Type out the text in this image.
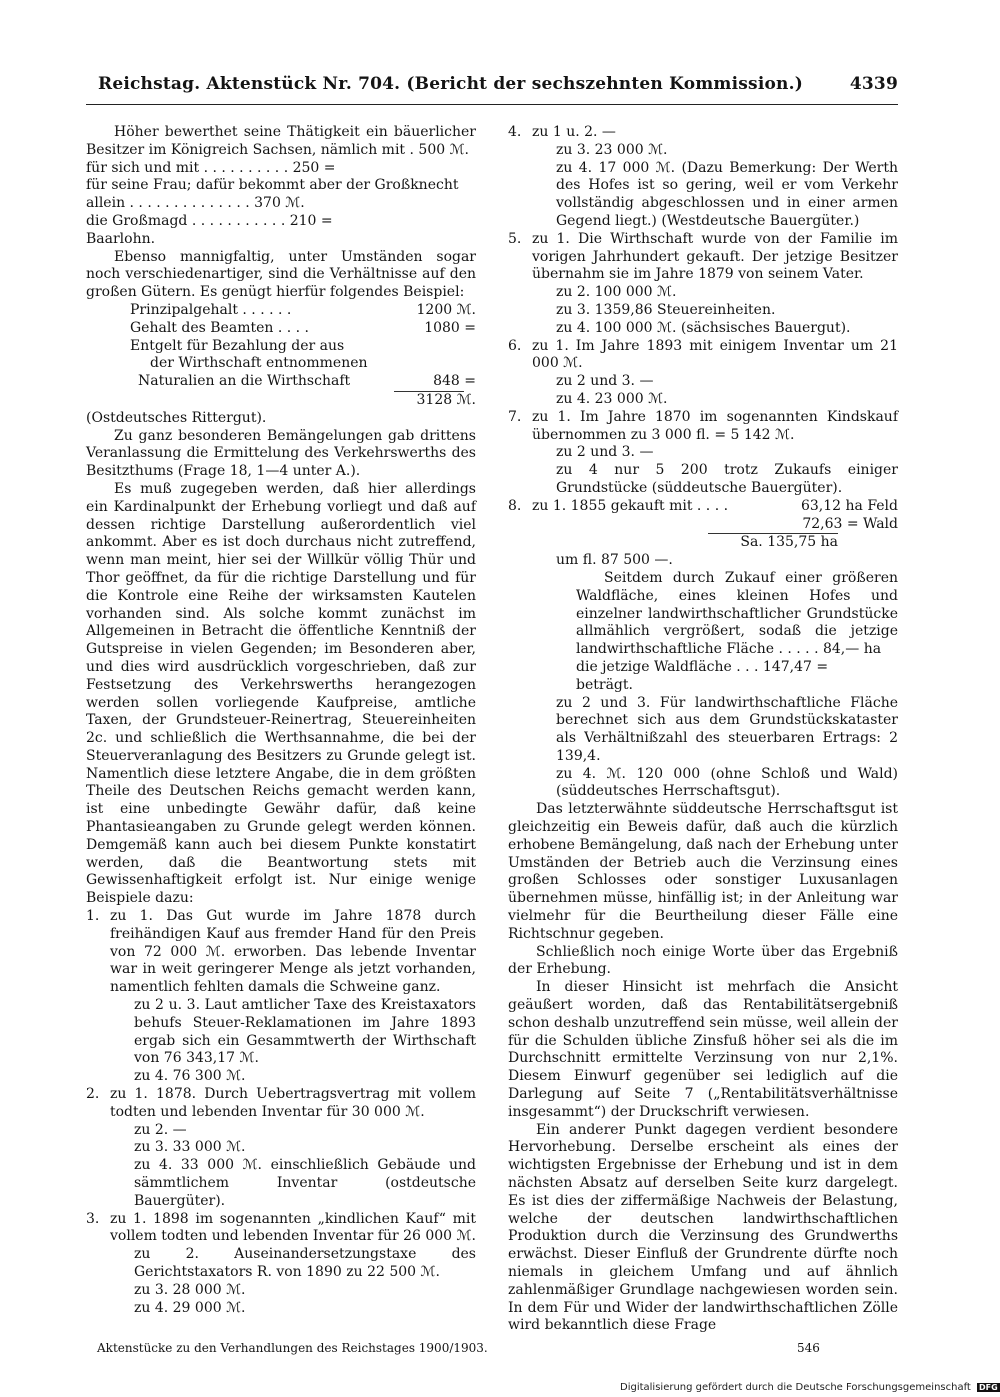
Reichstag. Aktenstück Nr. 704. (Bericht der sechszehnten Kommission.)	4339

Höher bewerthet seine Thätigkeit ein bäuerlicher Besitzer im Königreich Sachsen, nämlich mit . 500 ℳ.

für sich und mit . . . . . . . . . . 250 =

für seine Frau; dafür bekommt aber der Großknecht

allein . . . . . . . . . . . . . . 370 ℳ.

die Großmagd . . . . . . . . . . . 210 =

Baarlohn.

Ebenso mannigfaltig, unter Umständen sogar noch verschiedenartiger, sind die Verhältnisse auf den großen Gütern. Es genügt hierfür folgendes Beispiel:

Prinzipalgehalt . . . . . .	1200 ℳ.
Gehalt des Beamten . . . .	1080 =
Entgelt für Bezahlung der aus
der Wirthschaft entnommenen
Naturalien an die Wirthschaft	848 =
3128 ℳ.

(Ostdeutsches Rittergut).

Zu ganz besonderen Bemängelungen gab drittens Veranlassung die Ermittelung des Verkehrswerths des Besitzthums (Frage 18, 1—4 unter A.).

Es muß zugegeben werden, daß hier allerdings ein Kardinalpunkt der Erhebung vorliegt und daß auf dessen richtige Darstellung außerordentlich viel ankommt. Aber es ist doch durchaus nicht zutreffend, wenn man meint, hier sei der Willkür völlig Thür und Thor geöffnet, da für die richtige Darstellung und für die Kontrole eine Reihe der wirksamsten Kautelen vorhanden sind. Als solche kommt zunächst im Allgemeinen in Betracht die öffentliche Kenntniß der Gutspreise in vielen Gegenden; im Besonderen aber, und dies wird ausdrücklich vorgeschrieben, daß zur Festsetzung des Verkehrswerths herangezogen werden sollen vorliegende Kaufpreise, amtliche Taxen, der Grundsteuer-Reinertrag, Steuereinheiten 2c. und schließlich die Werthsannahme, die bei der Steuerveranlagung des Besitzers zu Grunde gelegt ist. Namentlich diese letztere Angabe, die in dem größten Theile des Deutschen Reichs gemacht werden kann, ist eine unbedingte Gewähr dafür, daß keine Phantasieangaben zu Grunde gelegt werden können. Demgemäß kann auch bei diesem Punkte konstatirt werden, daß die Beantwortung stets mit Gewissenhaftigkeit erfolgt ist. Nur einige wenige Beispiele dazu:

1. zu 1. Das Gut wurde im Jahre 1878 durch freihändigen Kauf aus fremder Hand für den Preis von 72 000 ℳ. erworben. Das lebende Inventar war in weit geringerer Menge als jetzt vorhanden, namentlich fehlten damals die Schweine ganz.

zu 2 u. 3. Laut amtlicher Taxe des Kreistaxators behufs Steuer-Reklamationen im Jahre 1893 ergab sich ein Gesammtwerth der Wirthschaft von 76 343,17 ℳ.

zu 4. 76 300 ℳ.

2. zu 1. 1878. Durch Uebertragsvertrag mit vollem todten und lebenden Inventar für 30 000 ℳ.

zu 2. —

zu 3. 33 000 ℳ.

zu 4. 33 000 ℳ. einschließlich Gebäude und sämmtlichem Inventar (ostdeutsche Bauergüter).

3. zu 1. 1898 im sogenannten „kindlichen Kauf“ mit vollem todten und lebenden Inventar für 26 000 ℳ.

zu 2. Auseinandersetzungstaxe des Gerichtstaxators R. von 1890 zu 22 500 ℳ.

zu 3. 28 000 ℳ.

zu 4. 29 000 ℳ.

4. zu 1 u. 2. —

zu 3. 23 000 ℳ.

zu 4. 17 000 ℳ. (Dazu Bemerkung: Der Werth des Hofes ist so gering, weil er vom Verkehr vollständig abgeschlossen und in einer armen Gegend liegt.) (Westdeutsche Bauergüter.)

5. zu 1. Die Wirthschaft wurde von der Familie im vorigen Jahrhundert gekauft. Der jetzige Besitzer übernahm sie im Jahre 1879 von seinem Vater.

zu 2. 100 000 ℳ.

zu 3. 1359,86 Steuereinheiten.

zu 4. 100 000 ℳ. (sächsisches Bauergut).

6. zu 1. Im Jahre 1893 mit einigem Inventar um 21 000 ℳ.

zu 2 und 3. —

zu 4. 23 000 ℳ.

7. zu 1. Im Jahre 1870 im sogenannten Kindskauf übernommen zu 3 000 fl. = 5 142 ℳ.

zu 2 und 3. —

zu 4 nur 5 200 trotz Zukaufs einiger Grundstücke (süddeutsche Bauergüter).

8. zu 1. 1855 gekauft mit . . . .	63,12 ha Feld
72,63 = Wald
Sa. 135,75 ha

um fl. 87 500 —.

Seitdem durch Zukauf einer größeren Waldfläche, eines kleinen Hofes und einzelner landwirthschaftlicher Grundstücke allmählich vergrößert, sodaß die jetzige landwirthschaftliche Fläche . . . . . 84,— ha

die jetzige Waldfläche . . . 147,47 =

beträgt.

zu 2 und 3. Für landwirthschaftliche Fläche berechnet sich aus dem Grundstückskataster als Verhältnißzahl des steuerbaren Ertrags: 2 139,4.

zu 4. ℳ. 120 000 (ohne Schloß und Wald) (süddeutsches Herrschaftsgut).

Das letzterwähnte süddeutsche Herrschaftsgut ist gleichzeitig ein Beweis dafür, daß auch die kürzlich erhobene Bemängelung, daß nach der Erhebung unter Umständen der Betrieb auch die Verzinsung eines großen Schlosses oder sonstiger Luxusanlagen übernehmen müsse, hinfällig ist; in der Anleitung war vielmehr für die Beurtheilung dieser Fälle eine Richtschnur gegeben.

Schließlich noch einige Worte über das Ergebniß der Erhebung.

In dieser Hinsicht ist mehrfach die Ansicht geäußert worden, daß das Rentabilitätsergebniß schon deshalb unzutreffend sein müsse, weil allein der für die Schulden übliche Zinsfuß höher sei als die im Durchschnitt ermittelte Verzinsung von nur 2,1%. Diesem Einwurf gegenüber sei lediglich auf die Darlegung auf Seite 7 („Rentabilitätsverhältnisse insgesammt“) der Druckschrift verwiesen.

Ein anderer Punkt dagegen verdient besondere Hervorhebung. Derselbe erscheint als eines der wichtigsten Ergebnisse der Erhebung und ist in dem nächsten Absatz auf derselben Seite kurz dargelegt. Es ist dies der ziffermäßige Nachweis der Belastung, welche der deutschen landwirthschaftlichen Produktion durch die Verzinsung des Grundwerths erwächst. Dieser Einfluß der Grundrente dürfte noch niemals in gleichem Umfang und auf ähnlich zahlenmäßiger Grundlage nachgewiesen worden sein. In dem Für und Wider der landwirthschaftlichen Zölle wird bekanntlich diese Frage

Aktenstücke zu den Verhandlungen des Reichstages 1900/1903.	546
Digitalisierung gefördert durch die Deutsche Forschungsgemeinschaft DFG
